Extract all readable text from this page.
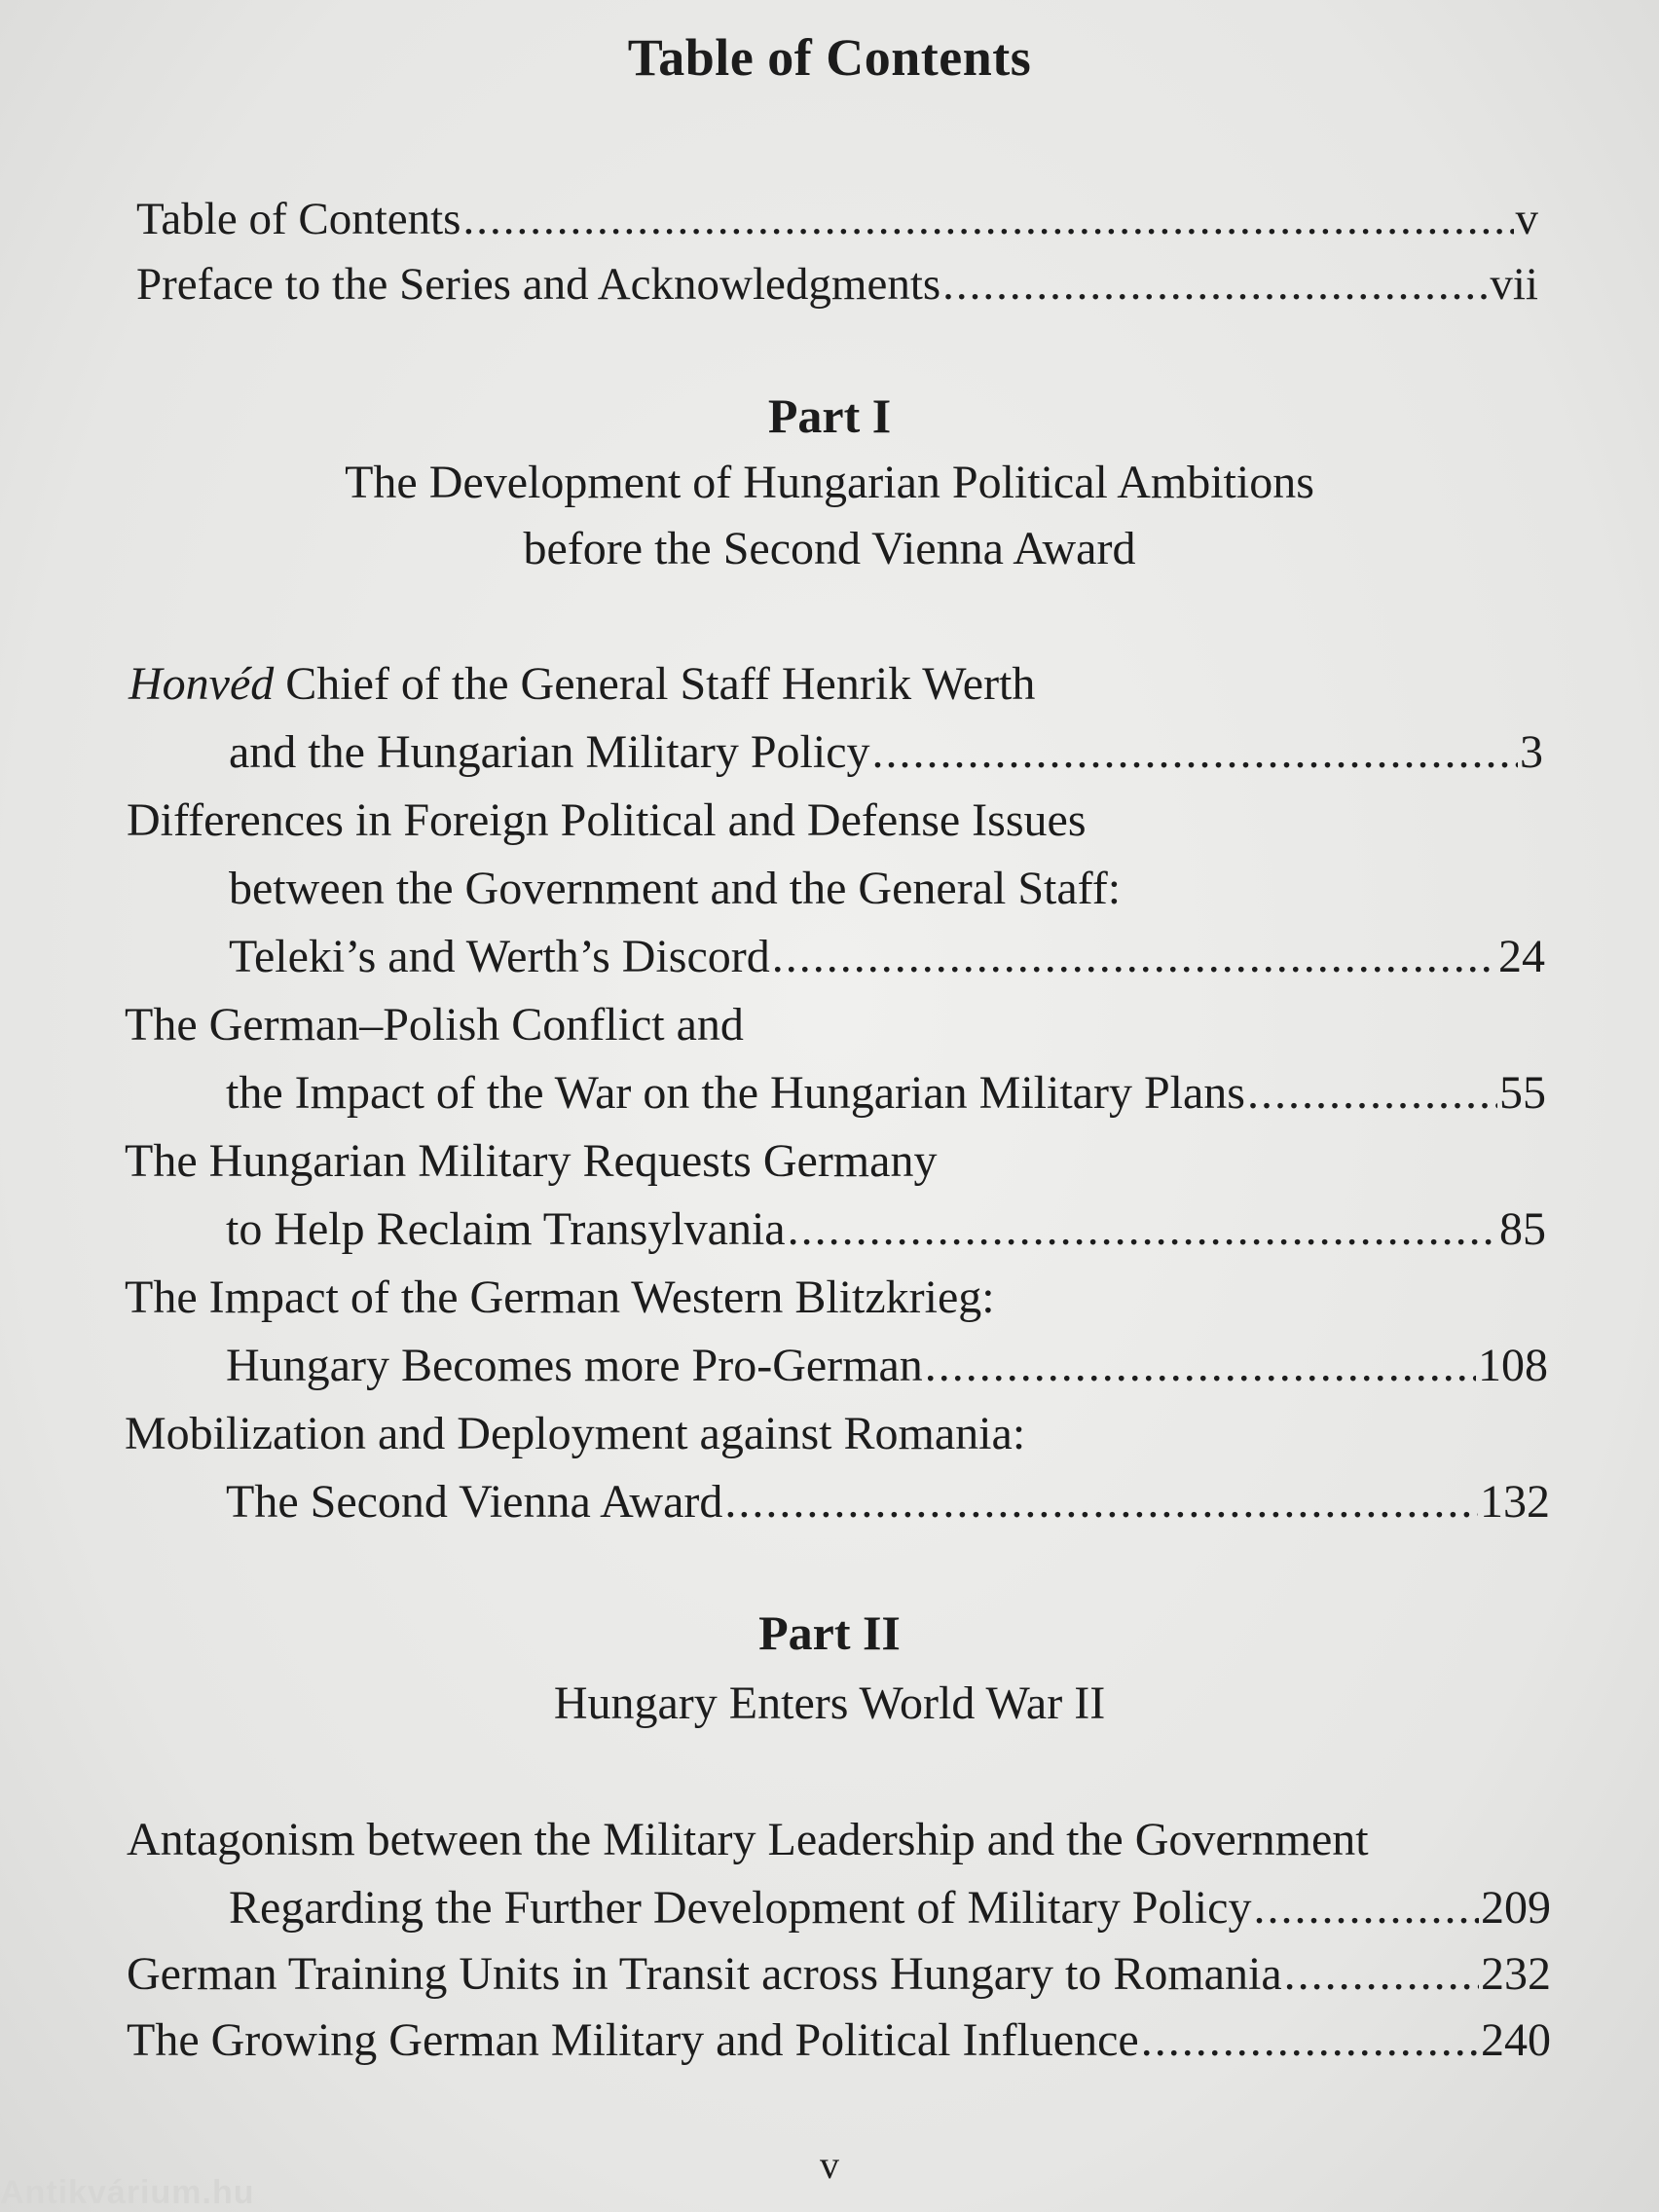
Table of Contents
Table of Contents .....	v
Preface to the Series and Acknowledgments .....	vii
Part I
The Development of Hungarian Political Ambitions
before the Second Vienna Award
Honvéd Chief of the General Staff Henrik Werth
and the Hungarian Military Policy .....	3
Differences in Foreign Political and Defense Issues
between the Government and the General Staff:
Teleki’s and Werth’s Discord .....	24
The German–Polish Conflict and
the Impact of the War on the Hungarian Military Plans .....	55
The Hungarian Military Requests Germany
to Help Reclaim Transylvania .....	85
The Impact of the German Western Blitzkrieg:
Hungary Becomes more Pro-German .....	108
Mobilization and Deployment against Romania:
The Second Vienna Award .....	132
Part II
Hungary Enters World War II
Antagonism between the Military Leadership and the Government
Regarding the Further Development of Military Policy .....	209
German Training Units in Transit across Hungary to Romania .....	232
The Growing German Military and Political Influence .....	240
v
Antikvárium.hu
